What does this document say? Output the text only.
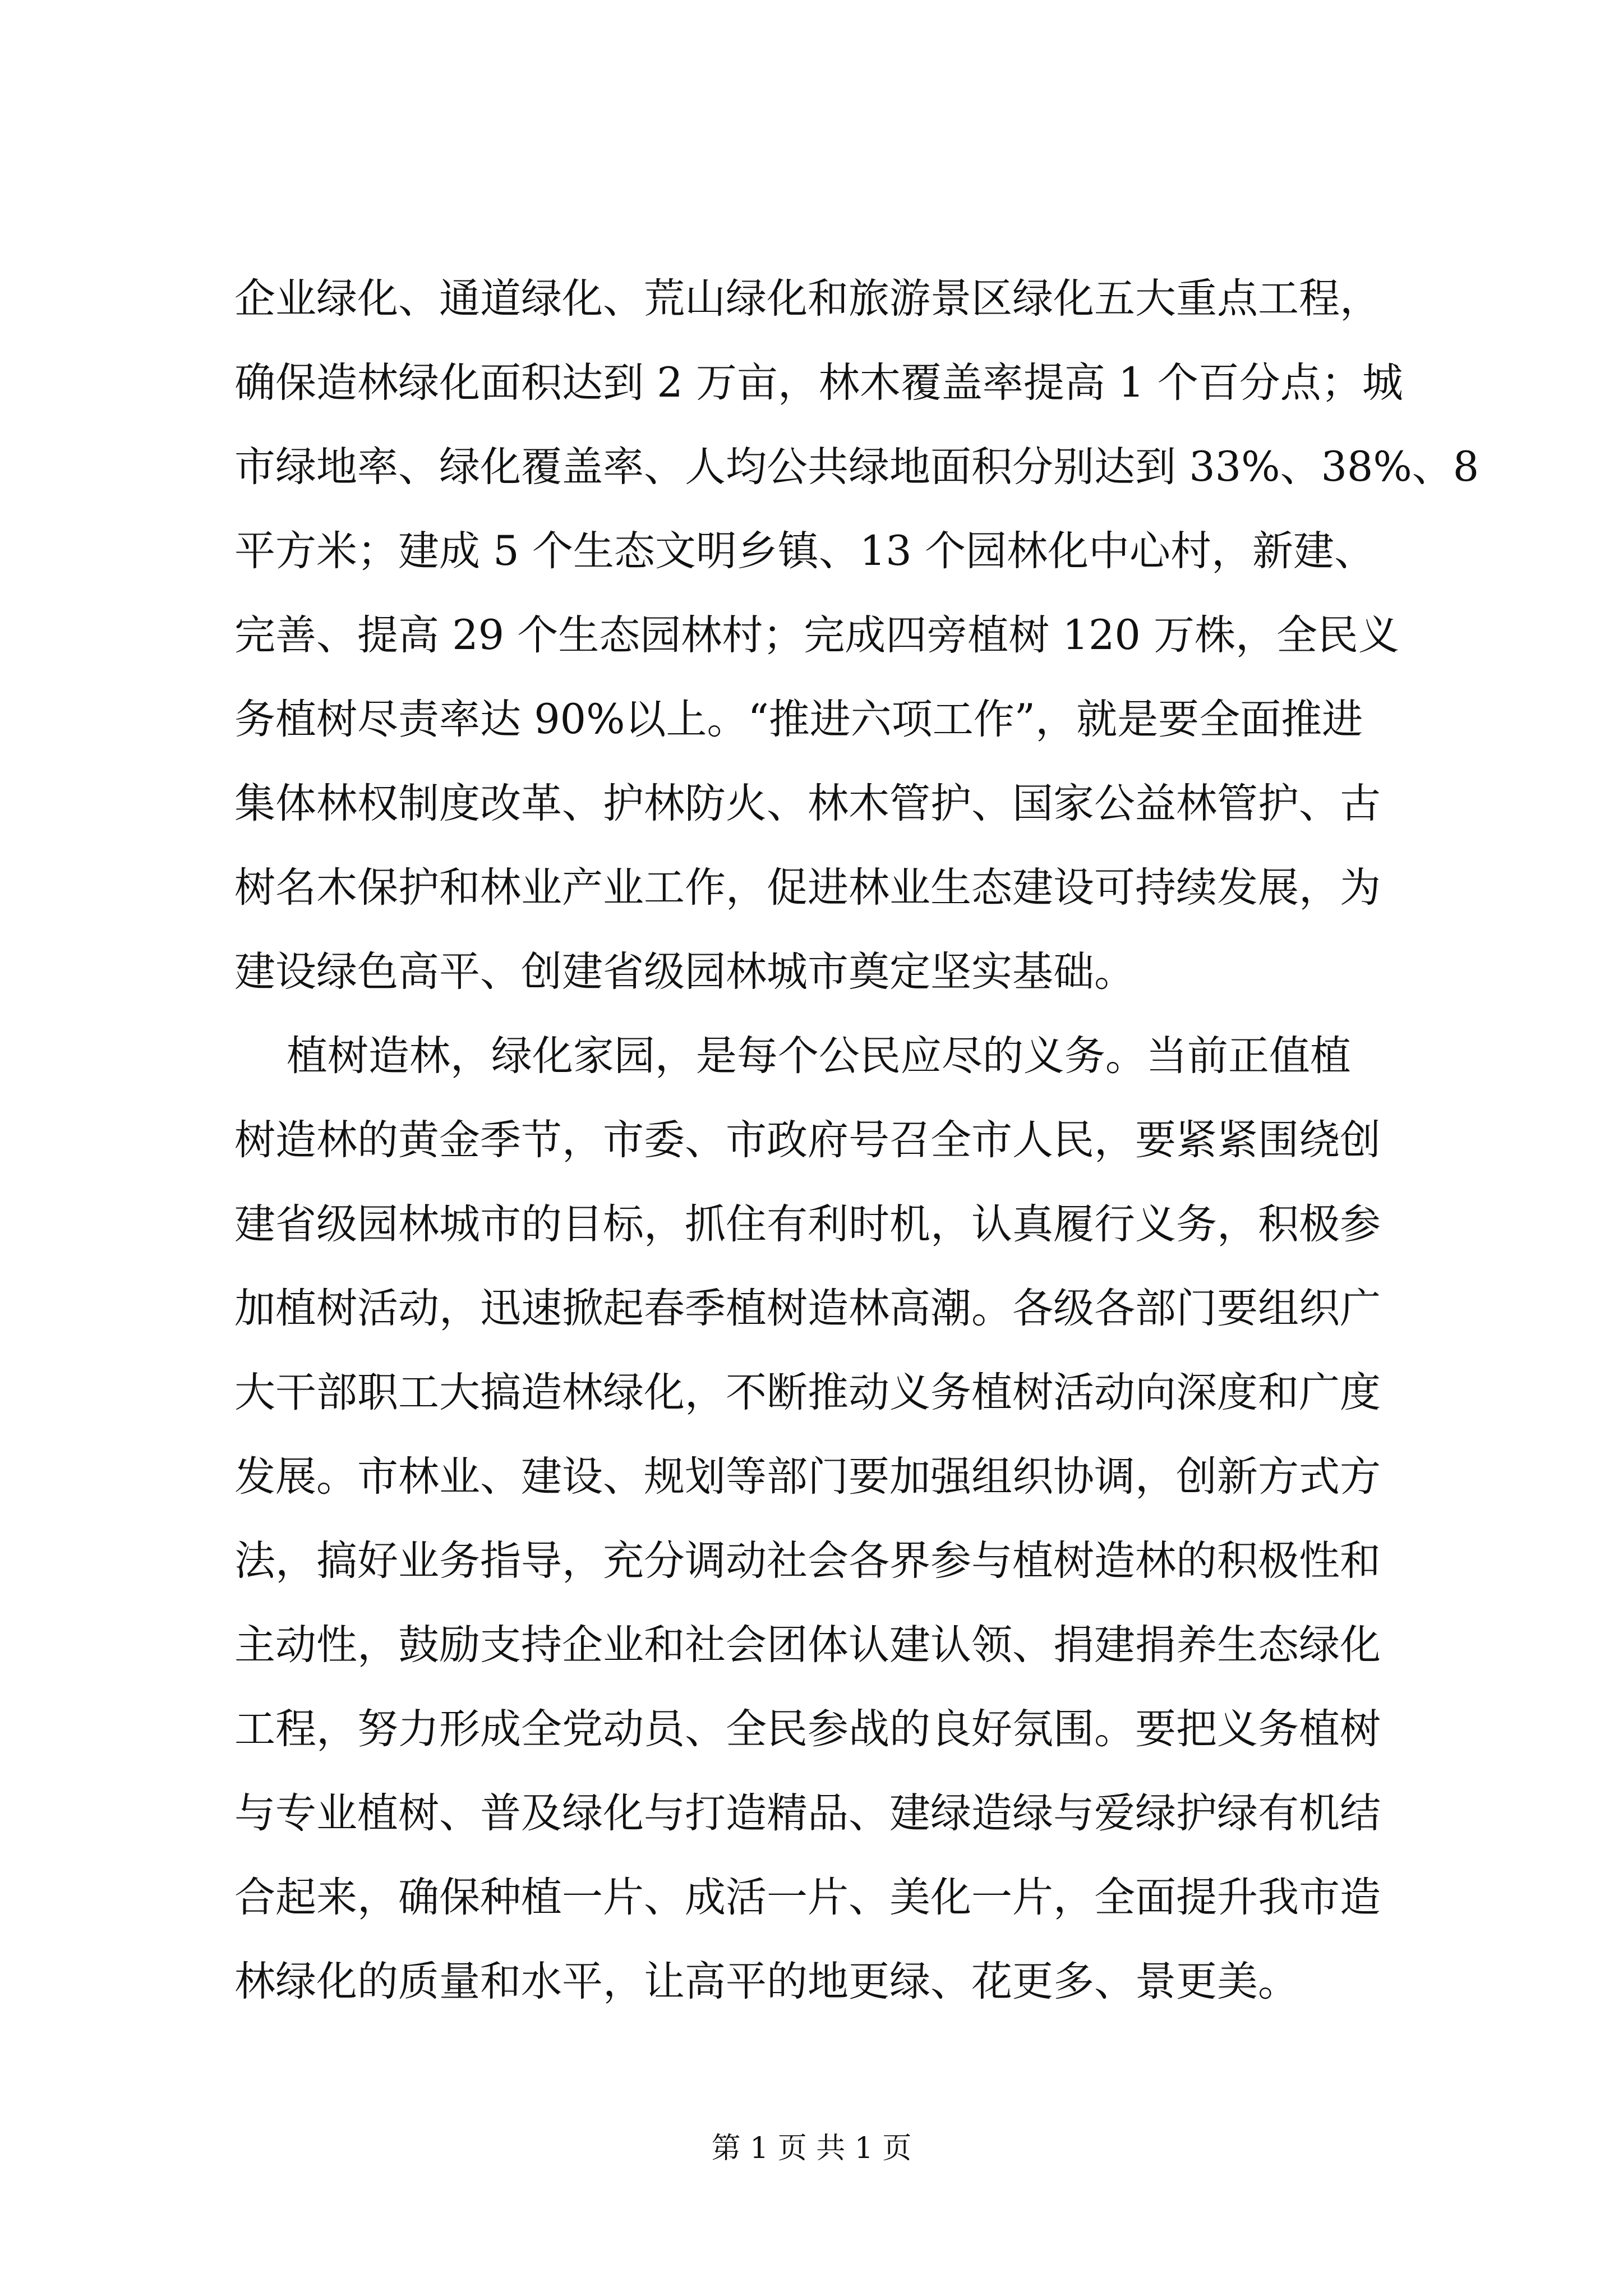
企业绿化、通道绿化、荒山绿化和旅游景区绿化五大重点工程，
确保造林绿化面积达到 2 万亩，林木覆盖率提高 1 个百分点；城
市绿地率、绿化覆盖率、人均公共绿地面积分别达到 33%、38%、8
平方米；建成 5 个生态文明乡镇、13 个园林化中心村，新建、
完善、提高 29 个生态园林村；完成四旁植树 120 万株，全民义
务植树尽责率达 90%以上。“推进六项工作”，就是要全面推进
集体林权制度改革、护林防火、林木管护、国家公益林管护、古
树名木保护和林业产业工作，促进林业生态建设可持续发展，为
建设绿色高平、创建省级园林城市奠定坚实基础。
植树造林，绿化家园，是每个公民应尽的义务。当前正值植
树造林的黄金季节，市委、市政府号召全市人民，要紧紧围绕创
建省级园林城市的目标，抓住有利时机，认真履行义务，积极参
加植树活动，迅速掀起春季植树造林高潮。各级各部门要组织广
大干部职工大搞造林绿化，不断推动义务植树活动向深度和广度
发展。市林业、建设、规划等部门要加强组织协调，创新方式方
法，搞好业务指导，充分调动社会各界参与植树造林的积极性和
主动性，鼓励支持企业和社会团体认建认领、捐建捐养生态绿化
工程，努力形成全党动员、全民参战的良好氛围。要把义务植树
与专业植树、普及绿化与打造精品、建绿造绿与爱绿护绿有机结
合起来，确保种植一片、成活一片、美化一片，全面提升我市造
林绿化的质量和水平，让高平的地更绿、花更多、景更美。
第 1 页 共 1 页
